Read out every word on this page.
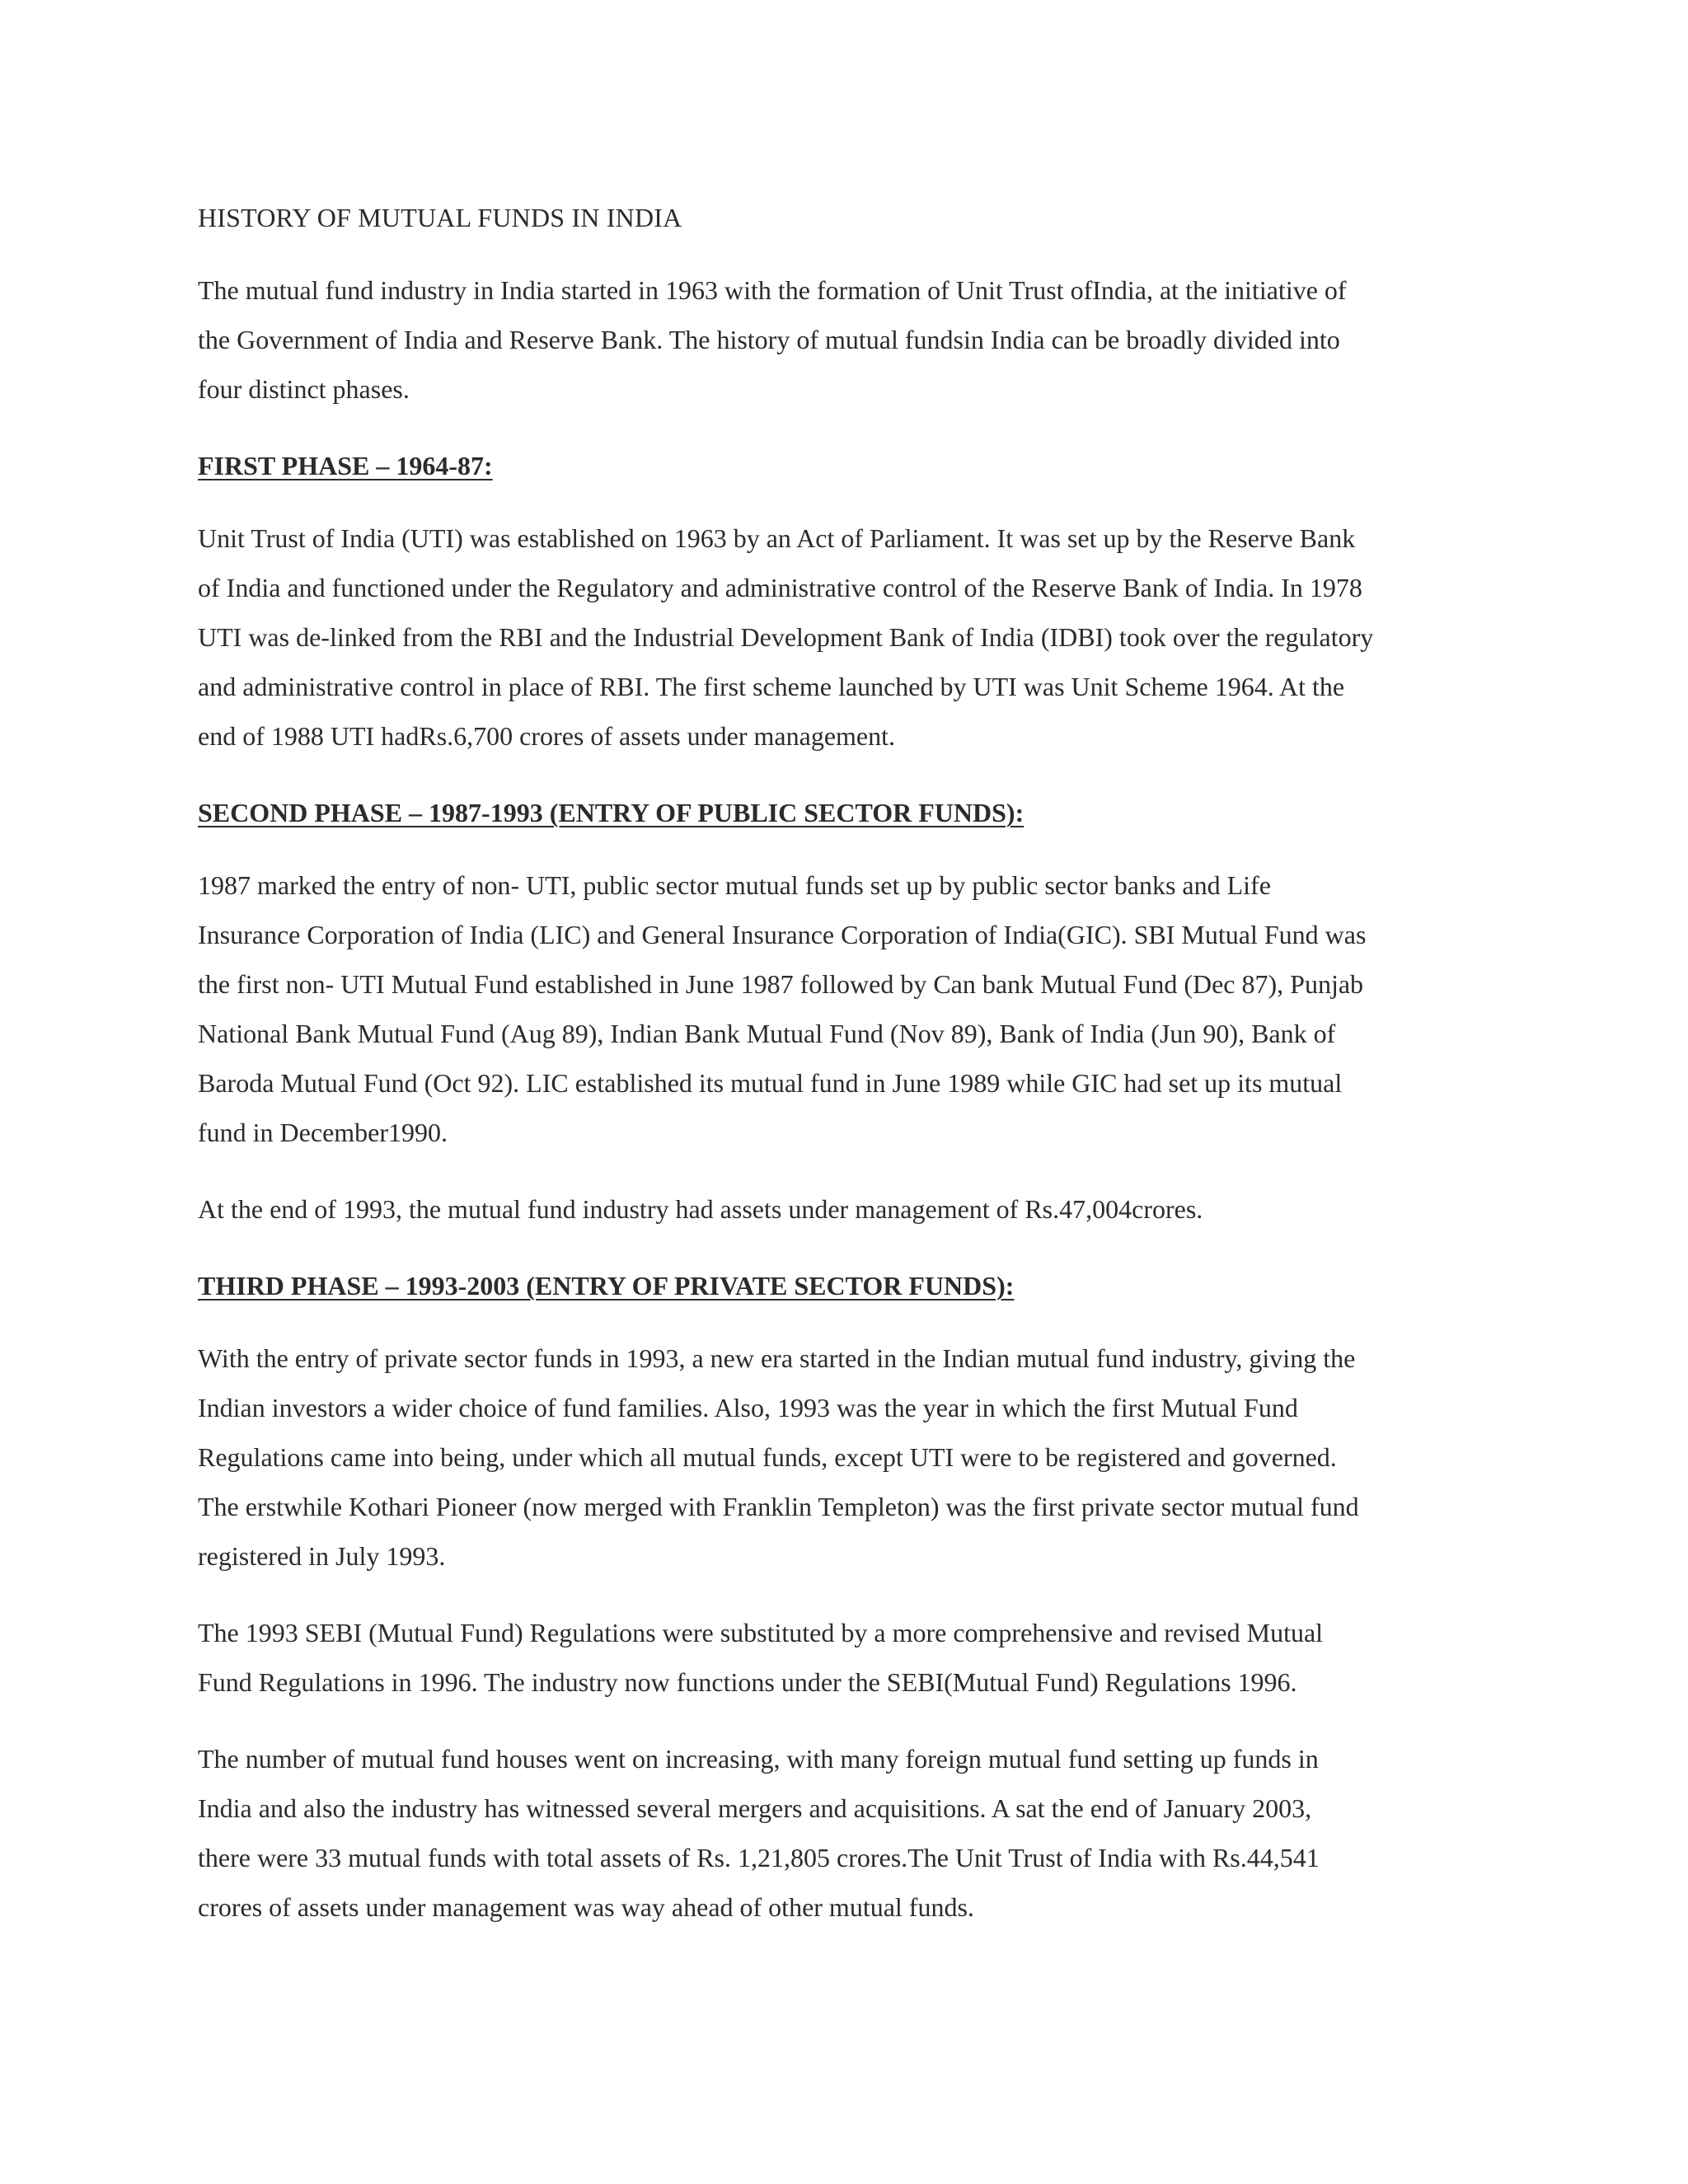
HISTORY OF MUTUAL FUNDS IN INDIA

The mutual fund industry in India started in 1963 with the formation of Unit Trust ofIndia, at the initiative of
the Government of India and Reserve Bank. The history of mutual fundsin India can be broadly divided into
four distinct phases.

FIRST PHASE – 1964-87:

Unit Trust of India (UTI) was established on 1963 by an Act of Parliament. It was set up by the Reserve Bank
of India and functioned under the Regulatory and administrative control of the Reserve Bank of India. In 1978
UTI was de-linked from the RBI and the Industrial Development Bank of India (IDBI) took over the regulatory
and administrative control in place of RBI. The first scheme launched by UTI was Unit Scheme 1964. At the
end of 1988 UTI hadRs.6,700 crores of assets under management.

SECOND PHASE – 1987-1993 (ENTRY OF PUBLIC SECTOR FUNDS):

1987 marked the entry of non- UTI, public sector mutual funds set up by public sector banks and Life
Insurance Corporation of India (LIC) and General Insurance Corporation of India(GIC). SBI Mutual Fund was
the first non- UTI Mutual Fund established in June 1987 followed by Can bank Mutual Fund (Dec 87), Punjab
National Bank Mutual Fund (Aug 89), Indian Bank Mutual Fund (Nov 89), Bank of India (Jun 90), Bank of
Baroda Mutual Fund (Oct 92). LIC established its mutual fund in June 1989 while GIC had set up its mutual
fund in December1990.

At the end of 1993, the mutual fund industry had assets under management of Rs.47,004crores.

THIRD PHASE – 1993-2003 (ENTRY OF PRIVATE SECTOR FUNDS):

With the entry of private sector funds in 1993, a new era started in the Indian mutual fund industry, giving the
Indian investors a wider choice of fund families. Also, 1993 was the year in which the first Mutual Fund
Regulations came into being, under which all mutual funds, except UTI were to be registered and governed.
The erstwhile Kothari Pioneer (now merged with Franklin Templeton) was the first private sector mutual fund
registered in July 1993.

The 1993 SEBI (Mutual Fund) Regulations were substituted by a more comprehensive and revised Mutual
Fund Regulations in 1996. The industry now functions under the SEBI(Mutual Fund) Regulations 1996.

The number of mutual fund houses went on increasing, with many foreign mutual fund setting up funds in
India and also the industry has witnessed several mergers and acquisitions. A sat the end of January 2003,
there were 33 mutual funds with total assets of Rs. 1,21,805 crores.The Unit Trust of India with Rs.44,541
crores of assets under management was way ahead of other mutual funds.
